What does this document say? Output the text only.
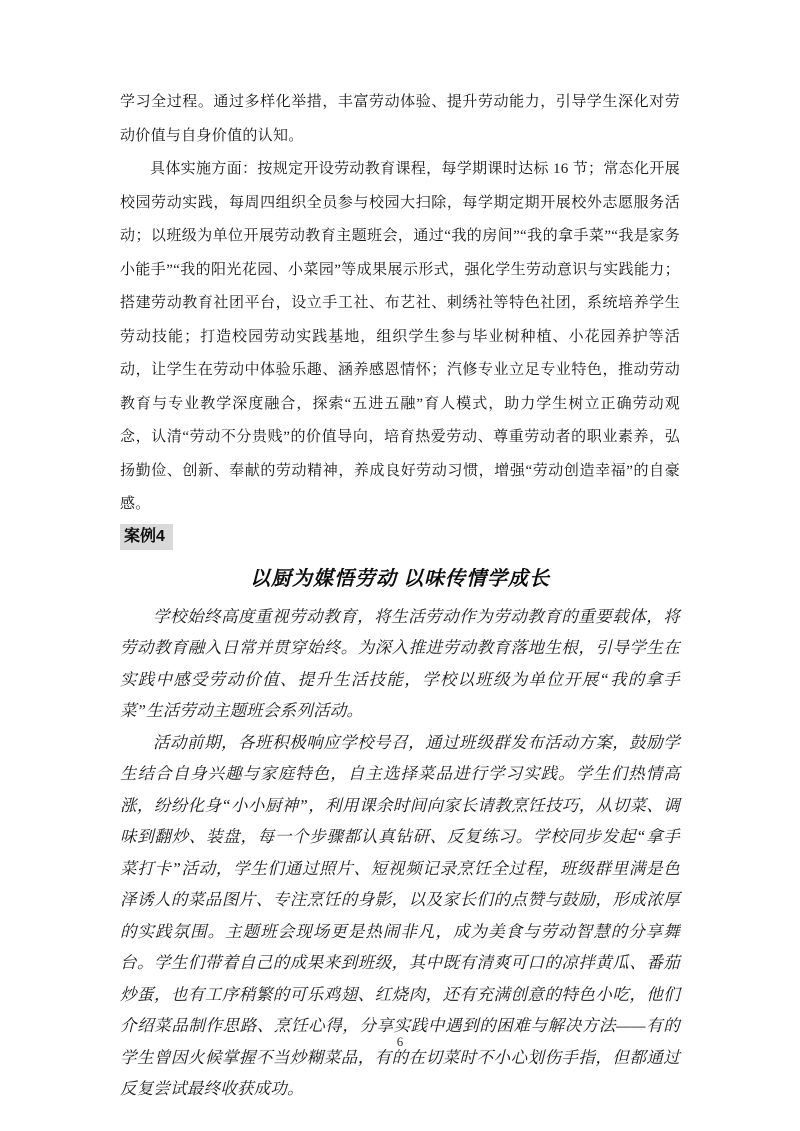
学习全过程。通过多样化举措，丰富劳动体验、提升劳动能力，引导学生深化对劳动价值与自身价值的认知。

具体实施方面：按规定开设劳动教育课程，每学期课时达标 16 节；常态化开展校园劳动实践，每周四组织全员参与校园大扫除，每学期定期开展校外志愿服务活动；以班级为单位开展劳动教育主题班会，通过“我的房间”“我的拿手菜”“我是家务小能手”“我的阳光花园、小菜园”等成果展示形式，强化学生劳动意识与实践能力；搭建劳动教育社团平台，设立手工社、布艺社、刺绣社等特色社团，系统培养学生劳动技能；打造校园劳动实践基地，组织学生参与毕业树种植、小花园养护等活动，让学生在劳动中体验乐趣、涵养感恩情怀；汽修专业立足专业特色，推动劳动教育与专业教学深度融合，探索“五进五融”育人模式，助力学生树立正确劳动观念，认清“劳动不分贵贱”的价值导向，培育热爱劳动、尊重劳动者的职业素养，弘扬勤俭、创新、奉献的劳动精神，养成良好劳动习惯，增强“劳动创造幸福”的自豪感。

案例4
以厨为媒悟劳动 以味传情学成长

学校始终高度重视劳动教育，将生活劳动作为劳动教育的重要载体，将劳动教育融入日常并贯穿始终。为深入推进劳动教育落地生根，引导学生在实践中感受劳动价值、提升生活技能，学校以班级为单位开展“我的拿手菜”生活劳动主题班会系列活动。

活动前期，各班积极响应学校号召，通过班级群发布活动方案，鼓励学生结合自身兴趣与家庭特色，自主选择菜品进行学习实践。学生们热情高涨，纷纷化身“小小厨神”，利用课余时间向家长请教烹饪技巧，从切菜、调味到翻炒、装盘，每一个步骤都认真钻研、反复练习。学校同步发起“拿手菜打卡”活动，学生们通过照片、短视频记录烹饪全过程，班级群里满是色泽诱人的菜品图片、专注烹饪的身影，以及家长们的点赞与鼓励，形成浓厚的实践氛围。主题班会现场更是热闹非凡，成为美食与劳动智慧的分享舞台。学生们带着自己的成果来到班级，其中既有清爽可口的凉拌黄瓜、番茄炒蛋，也有工序稍繁的可乐鸡翅、红烧肉，还有充满创意的特色小吃，他们介绍菜品制作思路、烹饪心得，分享实践中遇到的困难与解决方法——有的学生曾因火候掌握不当炒糊菜品，有的在切菜时不小心划伤手指，但都通过反复尝试最终收获成功。

6
